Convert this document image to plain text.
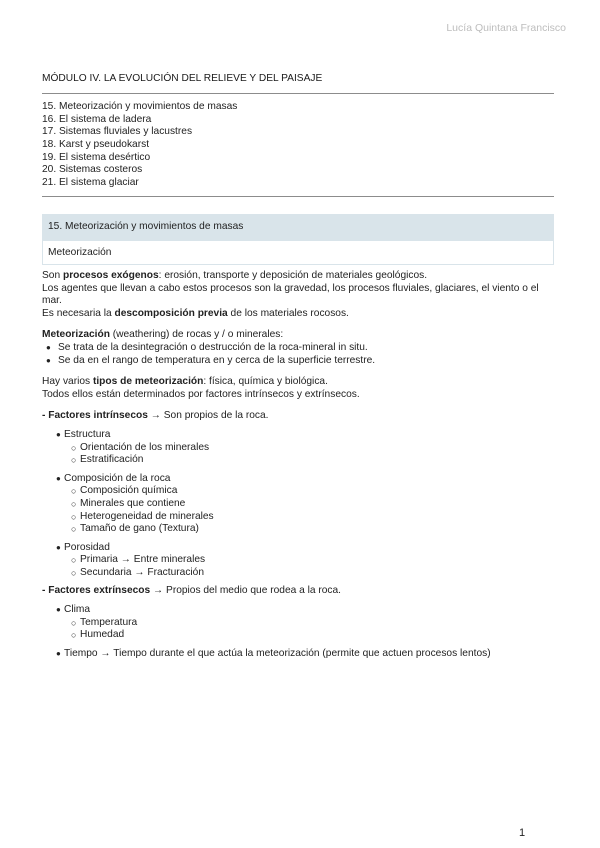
Lucía Quintana Francisco
MÓDULO IV. LA EVOLUCIÓN DEL RELIEVE Y DEL PAISAJE
15. Meteorización y movimientos de masas
16. El sistema de ladera
17. Sistemas fluviales y lacustres
18. Karst y pseudokarst
19. El sistema desértico
20. Sistemas costeros
21. El sistema glaciar
15. Meteorización y movimientos de masas
Meteorización

Son procesos exógenos: erosión, transporte y deposición de materiales geológicos.

Los agentes que llevan a cabo estos procesos son la gravedad, los procesos fluviales, glaciares, el viento o el mar.

Es necesaria la descomposición previa de los materiales rocosos.

Meteorización (weathering) de rocas y / o minerales:

● Se trata de la desintegración o destrucción de la roca-mineral in situ.
● Se da en el rango de temperatura en y cerca de la superficie terrestre.

Hay varios tipos de meteorización: física, química y biológica.

Todos ellos están determinados por factores intrínsecos y extrínsecos.

- Factores intrínsecos → Son propios de la roca.

● Estructura
○ Orientación de los minerales
○ Estratificación
● Composición de la roca
○ Composición química
○ Minerales que contiene
○ Heterogeneidad de minerales
○ Tamaño de gano (Textura)
● Porosidad
○ Primaria → Entre minerales
○ Secundaria → Fracturación

- Factores extrínsecos → Propios del medio que rodea a la roca.

● Clima
○ Temperatura
○ Humedad
● Tiempo → Tiempo durante el que actúa la meteorización (permite que actuen procesos lentos)
1
